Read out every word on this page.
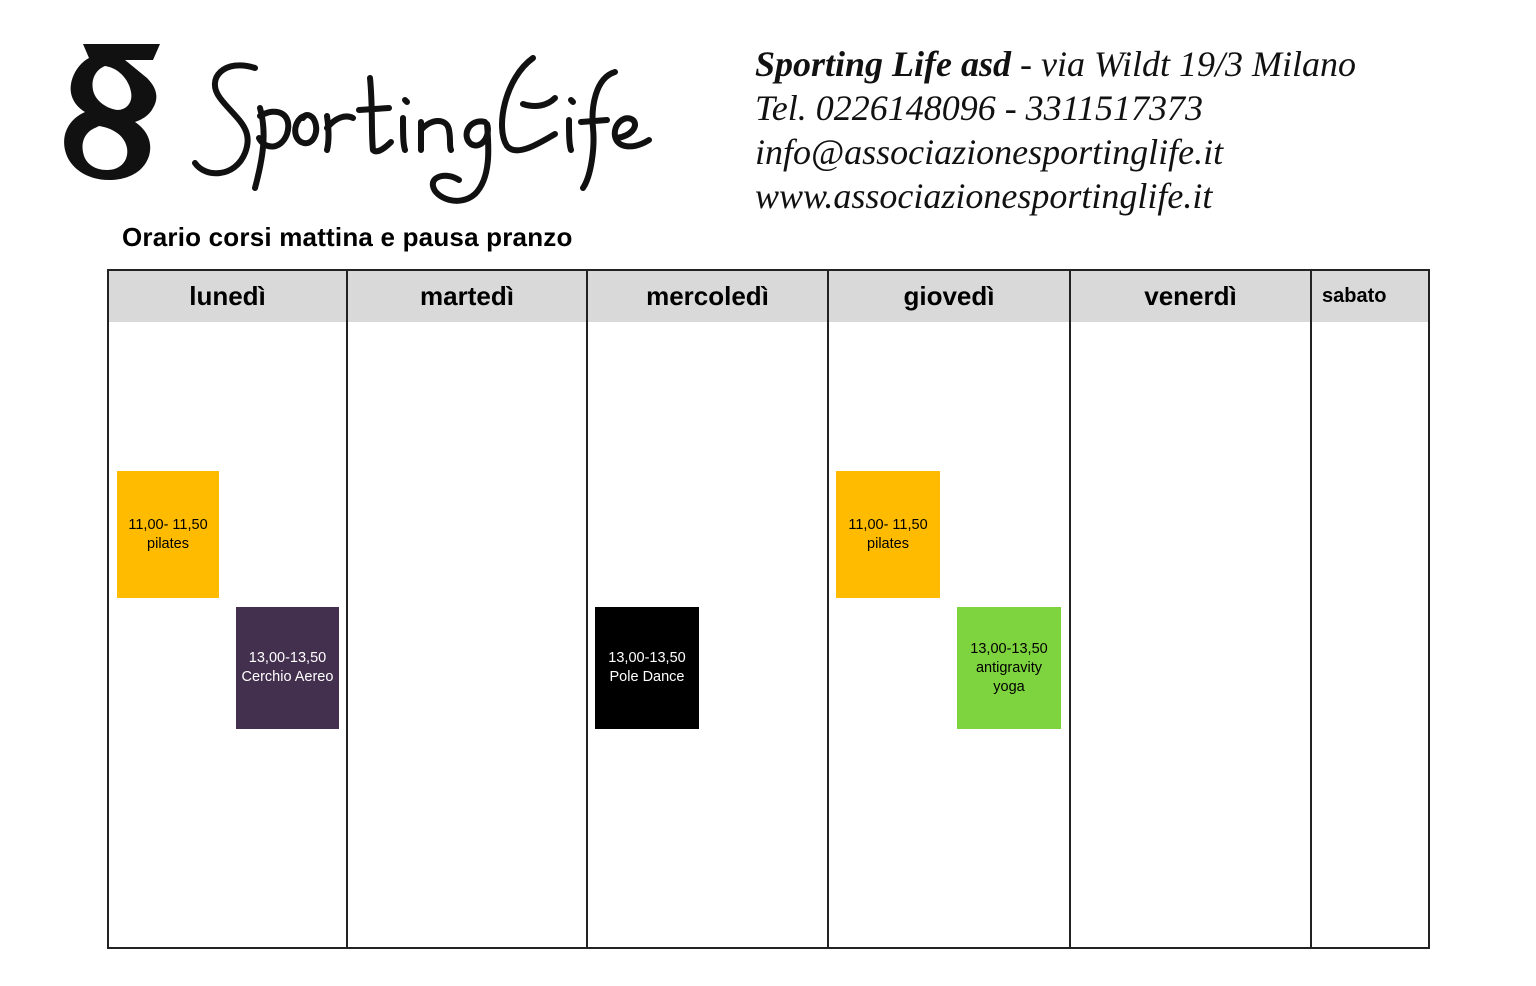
Sporting Life asd - via Wildt 19/3 Milano
Tel. 0226148096 - 3311517373
info@associazionesportinglife.it
www.associazionesportinglife.it
Orario corsi mattina e pausa pranzo
lunedì
11,00- 11,50
pilates
13,00-13,50
Cerchio Aereo
martedì	mercoledì
13,00-13,50
Pole Dance
giovedì
11,00- 11,50
pilates
13,00-13,50
antigravity
yoga
venerdì	sabato
